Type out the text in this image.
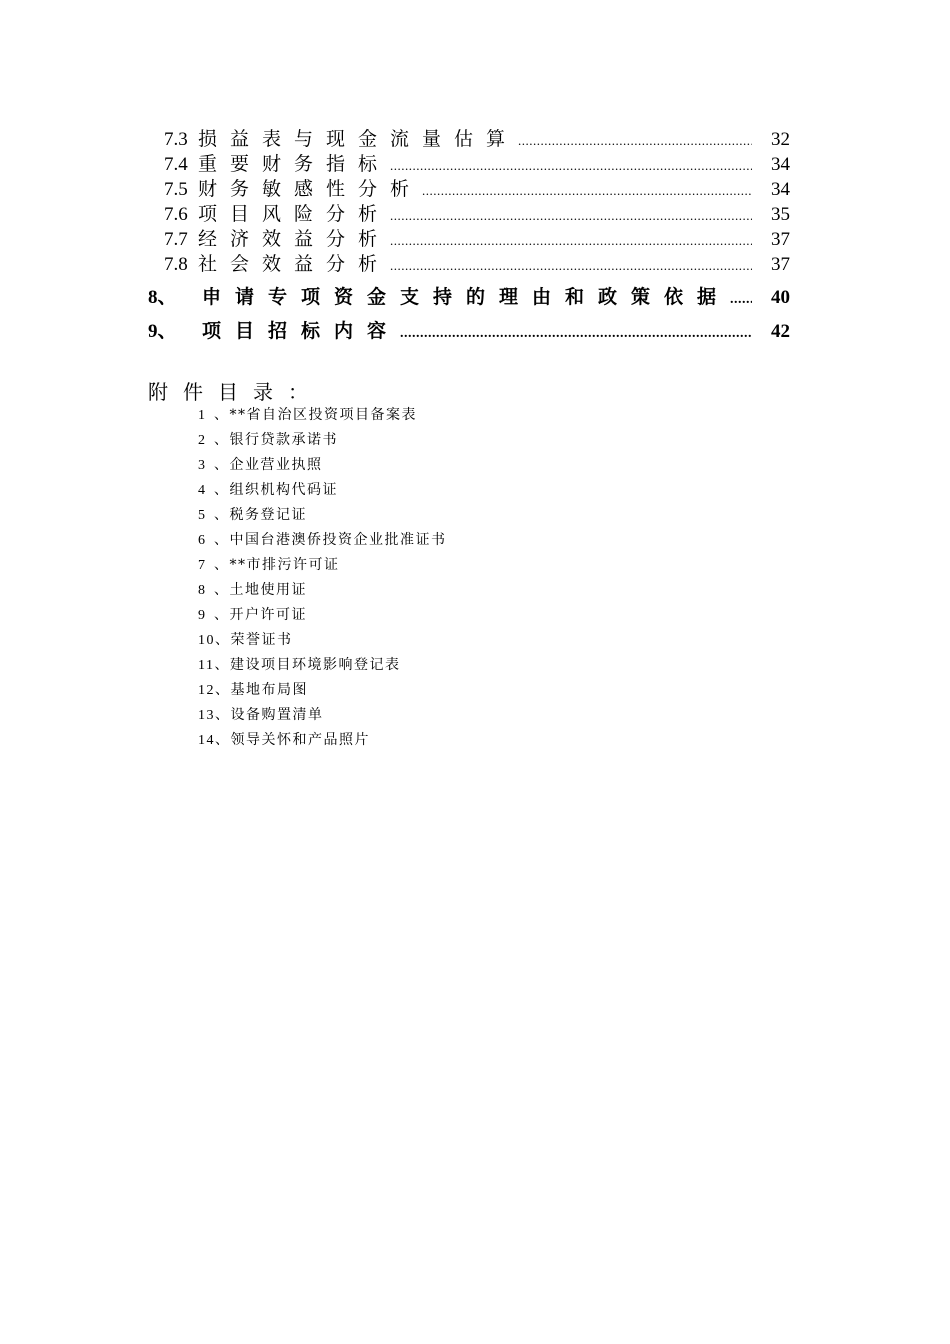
7.3 损益表与现金流量估算 .....	32
7.4 重要财务指标 .....	34
7.5 财务敏感性分析 .....	34
7.6 项目风险分析 .....	35
7.7 经济效益分析 .....	37
7.8 社会效益分析 .....	37
8、	申请专项资金支持的理由和政策依据 .....	40
9、	项目招标内容 .....	42
附件目录：
1 、**省自治区投资项目备案表
2 、银行贷款承诺书
3 、企业营业执照
4 、组织机构代码证
5 、税务登记证
6 、中国台港澳侨投资企业批准证书
7 、**市排污许可证
8 、土地使用证
9 、开户许可证
10、荣誉证书
11、建设项目环境影响登记表
12、基地布局图
13、设备购置清单
14、领导关怀和产品照片
